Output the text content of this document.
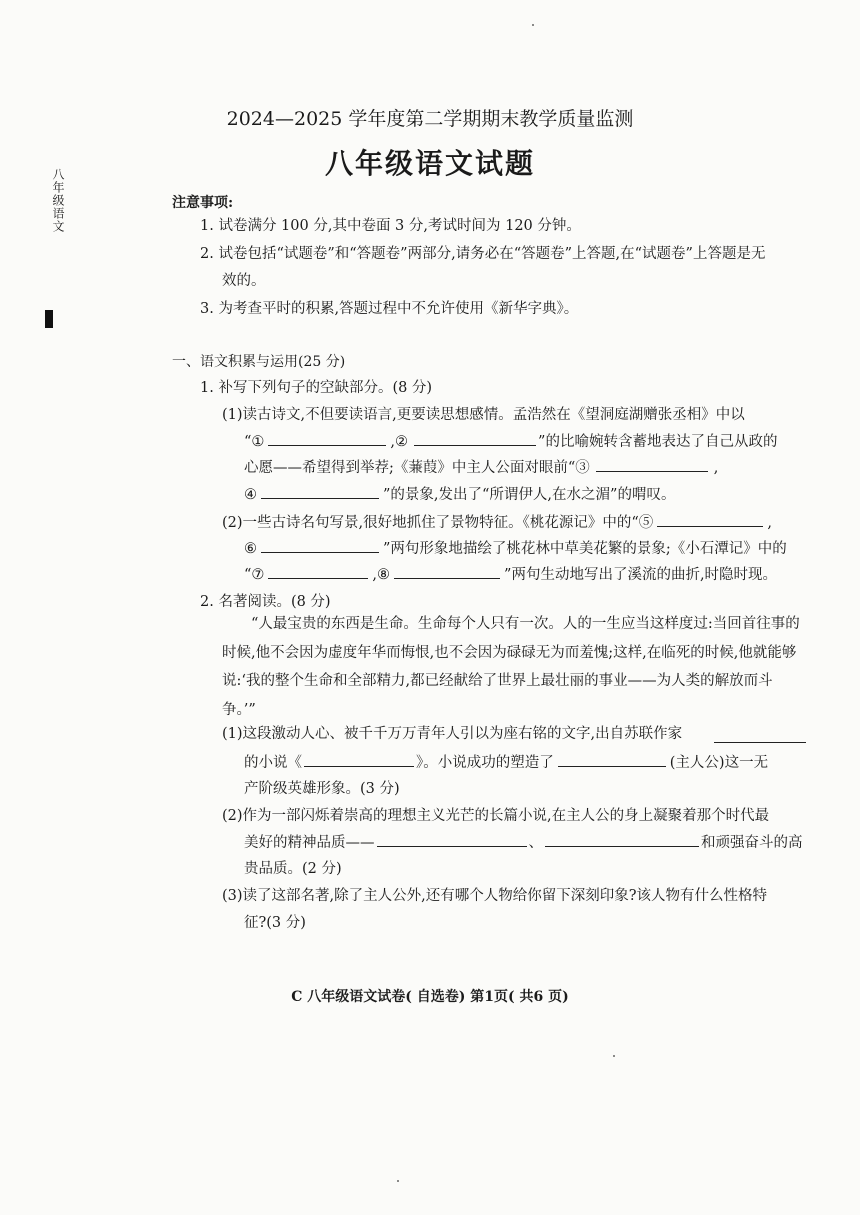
八年级语文
2024—2025 学年度第二学期期末教学质量监测
八年级语文试题
注意事项:
1. 试卷满分 100 分,其中卷面 3 分,考试时间为 120 分钟。
2. 试卷包括“试题卷”和“答题卷”两部分,请务必在“答题卷”上答题,在“试题卷”上答题是无
效的。
3. 为考查平时的积累,答题过程中不允许使用《新华字典》。
一、语文积累与运用(25 分)
1. 补写下列句子的空缺部分。(8 分)
(1)读古诗文,不但要读语言,更要读思想感情。孟浩然在《望洞庭湖赠张丞相》中以
“①	,②	”的比喻婉转含蓄地表达了自己从政的
心愿——希望得到举荐;《蒹葭》中主人公面对眼前“③	,
④	”的景象,发出了“所谓伊人,在水之湄”的喟叹。
(2)一些古诗名句写景,很好地抓住了景物特征。《桃花源记》中的“⑤	,
⑥	”两句形象地描绘了桃花林中草美花繁的景象;《小石潭记》中的
“⑦	,⑧	”两句生动地写出了溪流的曲折,时隐时现。
2. 名著阅读。(8 分)
“人最宝贵的东西是生命。生命每个人只有一次。人的一生应当这样度过:当回首往事的时候,他不会因为虚度年华而悔恨,也不会因为碌碌无为而羞愧;这样,在临死的时候,他就能够说:‘我的整个生命和全部精力,都已经献给了世界上最壮丽的事业——为人类的解放而斗争。’”
(1)这段激动人心、被千千万万青年人引以为座右铭的文字,出自苏联作家
的小说《	》。小说成功的塑造了	(主人公)这一无
产阶级英雄形象。(3 分)
(2)作为一部闪烁着崇高的理想主义光芒的长篇小说,在主人公的身上凝聚着那个时代最
美好的精神品质——	、	和顽强奋斗的高
贵品质。(2 分)
(3)读了这部名著,除了主人公外,还有哪个人物给你留下深刻印象?该人物有什么性格特
征?(3 分)
C 八年级语文试卷( 自选卷) 第1页( 共6 页)
